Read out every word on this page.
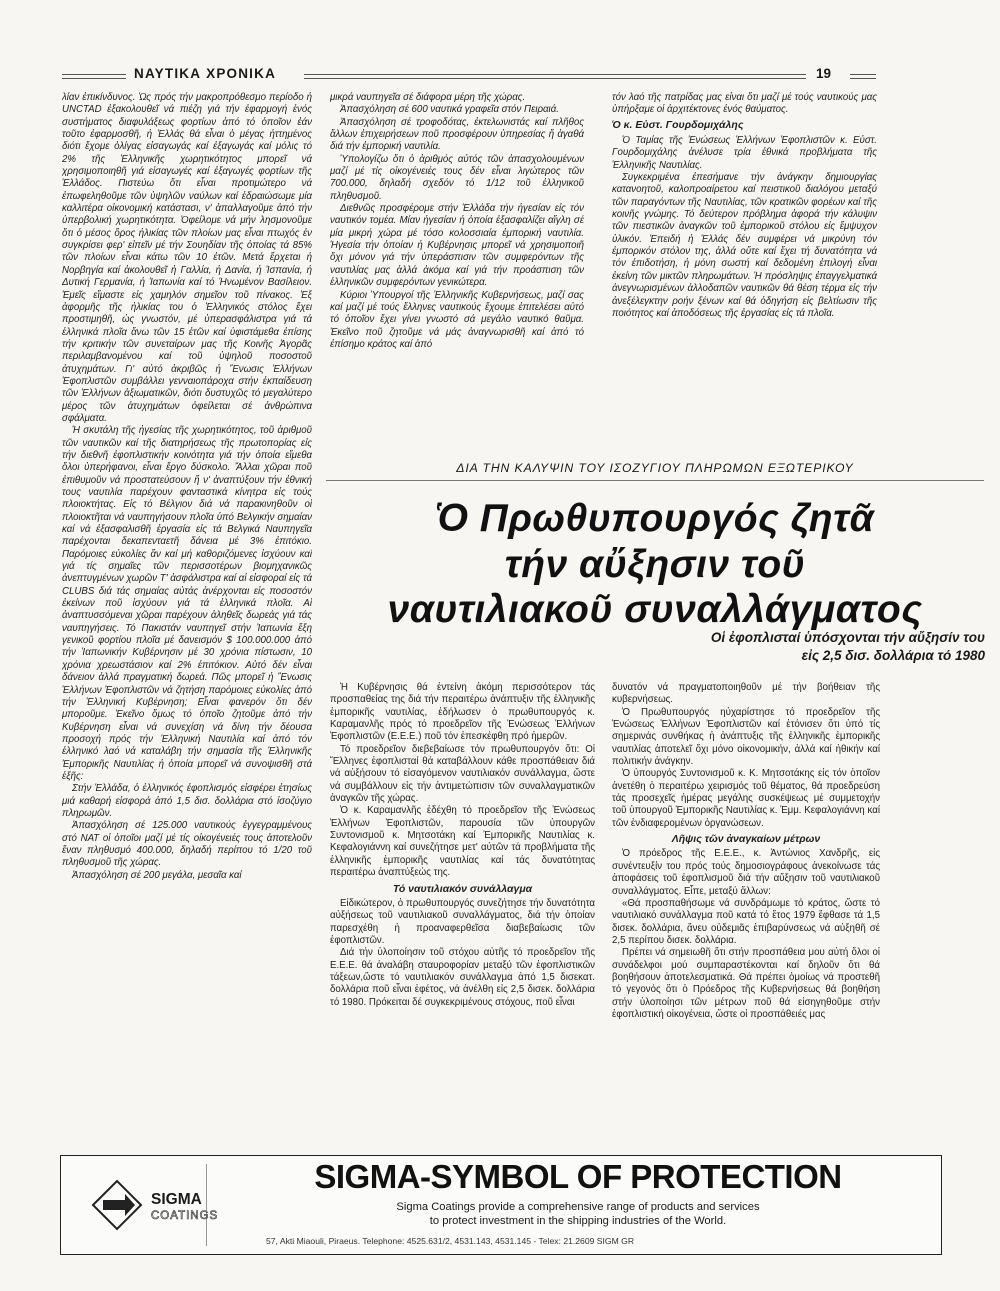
ΝΑΥΤΙΚΑ ΧΡΟΝΙΚΑ	19

λίαν ἐπικίνδυνος. Ὡς πρός τήν μακροπρόθεσμο περίοδο ἡ UNCTAD ἐξακολουθεῖ νά πιέζη γιά τήν ἐφαρμογή ἑνός συστήματος διαφυλάξεως φορτίων ἀπό τό ὁποῖον ἐάν τοῦτο ἐφαρμοσθῆ, ἡ Ἑλλάς θά εἶναι ὁ μέγας ἡττημένος διότι ἔχομε ὀλίγας εἰσαγωγάς καί ἐξαγωγάς καί μόλις τό 2% τῆς Ἑλληνικῆς χωρητικότητος μπορεῖ νά χρησιμοποιηθῆ γιά εἰσαγωγές καί ἐξαγωγές φορτίων τῆς Ἑλλάδος. Πιστεύω ὅτι εἶναι προτιμώτερο νά ἐπωφεληθοῦμε τῶν ὑψηλῶν ναύλων καί ἑδραιώσωμε μία καλλιτέρα οἰκονομική κατάστασι, ν' ἀπαλλαγοῦμε ἀπό τήν ὑπερβολική χωρητικότητα. Ὀφείλομε νά μήν λησμονοῦμε ὅτι ὁ μέσος ὅρος ἡλικίας τῶν πλοίων μας εἶναι πτωχός ἐν συγκρίσει φερ' εἰπεῖν μέ τήν Σουηδίαν τῆς ὁποίας τά 85% τῶν πλοίων εἶναι κάτω τῶν 10 ἐτῶν. Μετά ἔρχεται ἡ Νορβηγία καί ἀκολουθεῖ ἡ Γαλλία, ἡ Δανία, ἡ Ἰσπανία, ἡ Δυτική Γερμανία, ἡ Ἰαπωνία καί τό Ἡνωμένον Βασίλειον. Ἐμεῖς εἴμαστε εἰς χαμηλόν σημεῖον τοῦ πίνακος. Ἐξ ἀφορμῆς τῆς ἡλικίας του ὁ Ἑλληνικός στόλος ἔχει προστιμηθῆ, ὡς γνωστόν, μέ ὑπερασφάλιστρα γιά τά ἑλληνικά πλοῖα ἄνω τῶν 15 ἐτῶν καί ὑφιστάμεθα ἐπίσης τήν κριτικήν τῶν συνεταίρων μας τῆς Κοινῆς Ἀγορᾶς περιλαμβανομένου καί τοῦ ὑψηλοῦ ποσοστοῦ ἀτυχημάτων. Γι' αὐτό ἀκριβῶς ἡ Ἕνωσις Ἑλλήνων Ἐφοπλιστῶν συμβάλλει γενναιοπάροχα στήν ἐκπαίδευση τῶν Ἑλλήνων ἀξιωματικῶν, διότι δυστυχῶς τό μεγαλύτερο μέρος τῶν ἀτυχημάτων ὀφείλεται σέ ἀνθρώπινα σφάλματα.

Ἡ σκυτάλη τῆς ἡγεσίας τῆς χωρητικότητος, τοῦ ἀριθμοῦ τῶν ναυτικῶν καί τῆς διατηρήσεως τῆς πρωτοπορίας εἰς τήν διεθνῆ ἐφοπλιστικήν κοινότητα γιά τήν ὁποία εἴμεθα ὅλοι ὑπερήφανοι, εἶναι ἔργο δύσκολο. Ἄλλαι χῶραι ποῦ ἐπιθυμοῦν νά προστατεύσουν ἤ ν' ἀναπτύξουν τήν ἐθνική τους ναυτιλία παρέχουν φανταστικά κίνητρα εἰς τούς πλοιοκτήτας. Εἰς τό Βέλγιον διά νά παρακινηθοῦν οἱ πλοιοκτῆται νά ναυπηγήσουν πλοῖα ὑπό Βελγικήν σημαίαν καί νά ἐξασφαλισθῆ ἐργασία εἰς τά Βελγικά Ναυπηγεῖα παρέχονται δεκαπενταετῆ δάνεια μέ 3% ἐπιτόκιο. Παρόμοιες εὐκολίες ἄν καί μή καθοριζόμενες ἰσχύουν καί γιά τίς σημαῖες τῶν περισσοτέρων βιομηχανικῶς ἀνεπτυγμένων χωρῶν Τ' ἀσφάλιστρα καί αἱ εἰσφοραί εἰς τά CLUBS διά τάς σημαίας αὐτάς ἀνέρχονται εἰς ποσοστόν ἐκείνων ποῦ ἰσχύουν γιά τά ἑλληνικά πλοῖα. Αἱ ἀναπτυσσόμεναι χῶραι παρέχουν ἀληθεῖς δωρεάς γιά τάς ναυπηγήσεις. Τό Πακιστάν ναυπηγεῖ στήν Ἰαπωνία ἕξη γενικοῦ φορτίου πλοῖα μέ δανεισμόν $ 100.000.000 ἀπό τήν Ἰαπωνικήν Κυβέρνησιν μέ 30 χρόνια πίστωσιν, 10 χρόνια χρεωστάσιον καί 2% ἐπιτόκιον. Αὐτό δέν εἶναι δάνειον ἀλλά πραγματική δωρεά. Πῶς μπορεῖ ἡ Ἕνωσις Ἑλλήνων Ἐφοπλιστῶν νά ζητήση παρόμοιες εὐκολίες ἀπό τήν Ἑλληνική Κυβέρνηση; Εἶναι φανερόν ὅτι δέν μποροῦμε. Ἐκεῖνο ὅμως τό ὁποῖο ζητοῦμε ἀπό τήν Κυβέρνηση εἶναι νά συνεχίση νά δίνη τήν δέουσα προσοχή πρός τήν Ἑλληνική Ναυτιλία καί ἀπό τόν ἑλληνικό λαό νά καταλάβη τήν σημασία τῆς Ἑλληνικῆς Ἐμπορικῆς Ναυτιλίας ἡ ὁποία μπορεῖ νά συνοψισθῆ στά ἑξῆς:

Στήν Ἑλλάδα, ὁ ἑλληνικός ἐφοπλισμός εἰσφέρει ἐτησίως μιά καθαρή εἰσφορά ἀπό 1,5 δισ. δολλάρια στό ἰσοζύγιο πληρωμῶν.

Ἀπασχόληση σέ 125.000 ναυτικούς ἐγγεγραμμένους στό ΝΑΤ οἱ ὁποῖοι μαζί μέ τίς οἰκογένειές τους ἀποτελοῦν ἕναν πληθυσμό 400.000, δηλαδή περίπου τό 1/20 τοῦ πληθυσμοῦ τῆς χώρας.

Ἀπασχόληση σέ 200 μεγάλα, μεσαῖα καί

μικρά ναυπηγεῖα σέ διάφορα μέρη τῆς χώρας.

Ἀπασχόληση σέ 600 ναυτικά γραφεῖα στόν Πειραιά.

Ἀπασχόληση σέ τροφοδότας, ἐκτελωνιστάς καί πλῆθος ἄλλων ἐπιχειρήσεων ποῦ προσφέρουν ὑπηρεσίας ἤ ἀγαθά διά τήν ἐμπορική ναυτιλία.

Ὑπολογίζω ὅτι ὁ ἀριθμός αὐτός τῶν ἀπασχολουμένων μαζί μέ τίς οἰκογένειές τους δέν εἶναι λιγώτερος τῶν 700.000, δηλαδή σχεδόν τό 1/12 τοῦ ἑλληνικοῦ πληθυσμοῦ.

Διεθνῶς προσφέρομε στήν Ἑλλάδα τήν ἡγεσίαν εἰς τόν ναυτικόν τομέα. Μίαν ἡγεσίαν ἡ ὁποία ἐξασφαλίζει αἴγλη σέ μία μικρή χώρα μέ τόσο κολοσσιαία ἐμπορική ναυτιλία. Ἡγεσία τήν ὁποίαν ἡ Κυβέρνησις μπορεῖ νά χρησιμοποιῆ ὄχι μόνον γιά τήν ὑπεράσπισιν τῶν συμφερόντων τῆς ναυτιλίας μας ἀλλά ἀκόμα καί γιά τήν προάσπιση τῶν ἑλληνικῶν συμφερόντων γενικώτερα.

Κύριοι Ὑπουργοί τῆς Ἑλληνικῆς Κυβερνήσεως, μαζί σας καί μαζί μέ τούς ἕλληνες ναυτικούς ἔχουμε ἐπιτελέσει αὐτό τό ὁποῖον ἔχει γίνει γνωστό σά μεγάλο ναυτικό θαῦμα. Ἐκεῖνο ποῦ ζητοῦμε νά μάς ἀναγνωρισθῆ καί ἀπό τό ἐπίσημο κράτος καί ἀπό

τόν λαό τῆς πατρίδας μας εἶναι ὅτι μαζί μέ τούς ναυτικούς μας ὑπήρξαμε οἱ ἀρχιτέκτονες ἑνός θαύματος.

Ὁ κ. Εὐστ. Γουρδομιχάλης

Ὁ Ταμίας τῆς Ἑνώσεως Ἑλλήνων Ἐφοπλιστῶν κ. Εὐστ. Γουρδομιχάλης ἀνέλυσε τρία ἐθνικά προβλήματα τῆς Ἑλληνικῆς Ναυτιλίας.

Συγκεκριμένα ἐπεσήμανε τήν ἀνάγκην δημιουργίας κατανοητοῦ, καλοπροαίρετου καί πειστικοῦ διαλόγου μεταξύ τῶν παραγόντων τῆς Ναυτιλίας, τῶν κρατικῶν φορέων καί τῆς κοινῆς γνώμης. Τό δεύτερον πρόβλημα ἀφορά τήν κάλυψιν τῶν πιεστικῶν ἀναγκῶν τοῦ ἐμπορικοῦ στόλου εἰς ἔμψυχον ὑλικόν. Ἐπειδή ἡ Ἑλλάς δέν συμφέρει νά μικρύνη τόν ἐμπορικόν στόλον της, ἀλλά οὔτε καί ἔχει τή δυνατότητα νά τόν ἐπιδοτήση, ἡ μόνη σωστή καί δεδομένη ἐπιλογή εἶναι ἐκείνη τῶν μικτῶν πληρωμάτων. Ἡ πρόσληψις ἐπαγγελματικά ἀνεγνωρισμένων ἀλλοδαπῶν ναυτικῶν θά θέση τέρμα εἰς τήν ἀνεξέλεγκτην ροήν ξένων καί θά ὁδηγήση εἰς βελτίωσιν τῆς ποιότητος καί ἀποδόσεως τῆς ἐργασίας εἰς τά πλοῖα.

ΔΙΑ ΤΗΝ ΚΑΛΥΨΙΝ ΤΟΥ ΙΣΟΖΥΓΙΟΥ ΠΛΗΡΩΜΩΝ ΕΞΩΤΕΡΙΚΟΥ
Ὁ Πρωθυπουργός ζητᾶ
τήν αὔξησιν τοῦ
ναυτιλιακοῦ συναλλάγματος
Οἱ ἐφοπλισταί ὑπόσχονται τήν αὔξησίν του
εἰς 2,5 δισ. δολλάρια τό 1980

Ἡ Κυβέρνησις θά ἐντείνη ἀκόμη περισσότερον τάς προσπαθείας της διά τήν περαιτέρω ἀνάπτυξιν τῆς ἑλληνικῆς ἐμπορικῆς ναυτιλίας, ἐδήλωσεν ὁ πρωθυπουργός κ. Καραμανλῆς πρός τό προεδρεῖον τῆς Ἑνώσεως Ἑλλήνων Ἐφοπλιστῶν (Ε.Ε.Ε.) ποῦ τόν ἐπεσκέφθη πρό ἡμερῶν.

Τό προεδρεῖον διεβεβαίωσε τόν πρωθυπουργόν ὅτι: Οἱ Ἕλληνες ἐφοπλισταί θά καταβάλλουν κάθε προσπάθειαν διά νά αὐξήσουν τό εἰσαγόμενον ναυτιλιακόν συνάλλαγμα, ὥστε νά συμβάλλουν εἰς τήν ἀντιμετώπισιν τῶν συναλλαγματικῶν ἀναγκῶν τῆς χώρας.

Ὁ κ. Καραμανλῆς ἐδέχθη τό προεδρεῖον τῆς Ἑνώσεως Ἑλλήνων Ἐφοπλιστῶν, παρουσία τῶν ὑπουργῶν Συντονισμοῦ κ. Μητσοτάκη καί Ἐμπορικῆς Ναυτιλίας κ. Κεφαλογιάννη καί συνεζήτησε μετ' αὐτῶν τά προβλήματα τῆς ἑλληνικῆς ἐμπορικῆς ναυτιλίας καί τάς δυνατότητας περαιτέρω ἀναπτύξεώς της.

Τό ναυτιλιακόν συνάλλαγμα

Εἰδικώτερον, ὁ πρωθυπουργός συνεζήτησε τήν δυνατότητα αὐξήσεως τοῦ ναυτιλιακοῦ συναλλάγματος, διά τήν ὁποίαν παρεσχέθη ἡ προαναφερθεῖσα διαβεβαίωσις τῶν ἐφοπλιστῶν.

Διά τήν ὑλοποίησιν τοῦ στόχου αὐτῆς τό προεδρεῖον τῆς Ε.Ε.Ε. θά ἀναλάβη σταυροφορίαν μεταξύ τῶν ἐφοπλιστικῶν τάξεων,ὥστε τό ναυτιλιακόν συνάλλαγμα ἀπό 1,5 δισεκατ. δολλάρια ποῦ εἶναι ἐφέτος, νά ἀνέλθη εἰς 2,5 δισεκ. δολλάρια τό 1980. Πρόκειται δέ συγκεκριμένους στόχους, ποῦ εἶναι

δυνατόν νά πραγματοποιηθοῦν μέ τήν βοήθειαν τῆς κυβερνήσεως.

Ὁ Πρωθυπουργός ηὐχαρίστησε τό προεδρεῖον τῆς Ἑνώσεως Ἑλλήνων Ἐφοπλιστῶν καί ἐτόνισεν ὅτι ὑπό τίς σημερινάς συνθήκας ἡ ἀνάπτυξις τῆς ἑλληνικῆς ἐμπορικῆς ναυτιλίας ἀποτελεῖ ὄχι μόνο οἰκονομικήν, ἀλλά καί ἠθικήν καί πολιτικήν ἀνάγκην.

Ὁ ὑπουργός Συντονισμοῦ κ. Κ. Μητσοτάκης εἰς τόν ὁποῖον ἀνετέθη ὁ περαιτέρω χειρισμός τοῦ θέματος, θά προεδρεύση τάς προσεχεῖς ἡμέρας μεγάλης συσκέψεως μέ συμμετοχήν τοῦ ὑπουργοῦ Ἐμπορικῆς Ναυτιλίας κ. Ἐμμ. Κεφαλογιάννη καί τῶν ἐνδιαφερομένων ὀργανώσεων.

Λῆψις τῶν ἀναγκαίων μέτρων

Ὁ πρόεδρος τῆς Ε.Ε.Ε., κ. Ἀντώνιος Χανδρῆς, εἰς συνέντευξίν του πρός τούς δημοσιογράφους ἀνεκοίνωσε τάς ἀποφάσεις τοῦ ἐφοπλισμοῦ διά τήν αὔξησιν τοῦ ναυτιλιακοῦ συναλλάγματος. Εἶπε, μεταξύ ἄλλων:

«Θά προσπαθήσωμε νά συνδράμωμε τό κράτος, ὥστε τό ναυτιλιακό συνάλλαγμα ποῦ κατά τό ἔτος 1979 ἔφθασε τά 1,5 δισεκ. δολλάρια, ἄνευ οὐδεμιᾶς ἐπιβαρύνσεως νά αὐξηθῆ σέ 2,5 περίπου δισεκ. δολλάρια.

Πρέπει νά σημειωθῆ ὅτι στήν προσπάθεια μου αὐτή ὅλοι οἱ συνάδελφοι μού συμπαραστέκονται καί δηλοῦν ὅτι θά βοηθήσουν ἀποτελεσματικά. Θά πρέπει ὁμοίως νά προστεθῆ τό γεγονός ὅτι ὁ Πρόεδρος τῆς Κυβερνήσεως θά βοηθήση στήν ὑλοποίησι τῶν μέτρων ποῦ θά εἰσηγηθοῦμε στήν ἐφοπλιστική οἰκογένεια, ὥστε οἱ προσπάθειές μας

SIGMA
COATINGS
SIGMA-SYMBOL OF PROTECTION
Sigma Coatings provide a comprehensive range of products and services
to protect investment in the shipping industries of the World.
57, Akti Miaouli, Piraeus. Telephone: 4525.631/2, 4531.143, 4531.145 - Telex: 21.2609 SIGM GR
